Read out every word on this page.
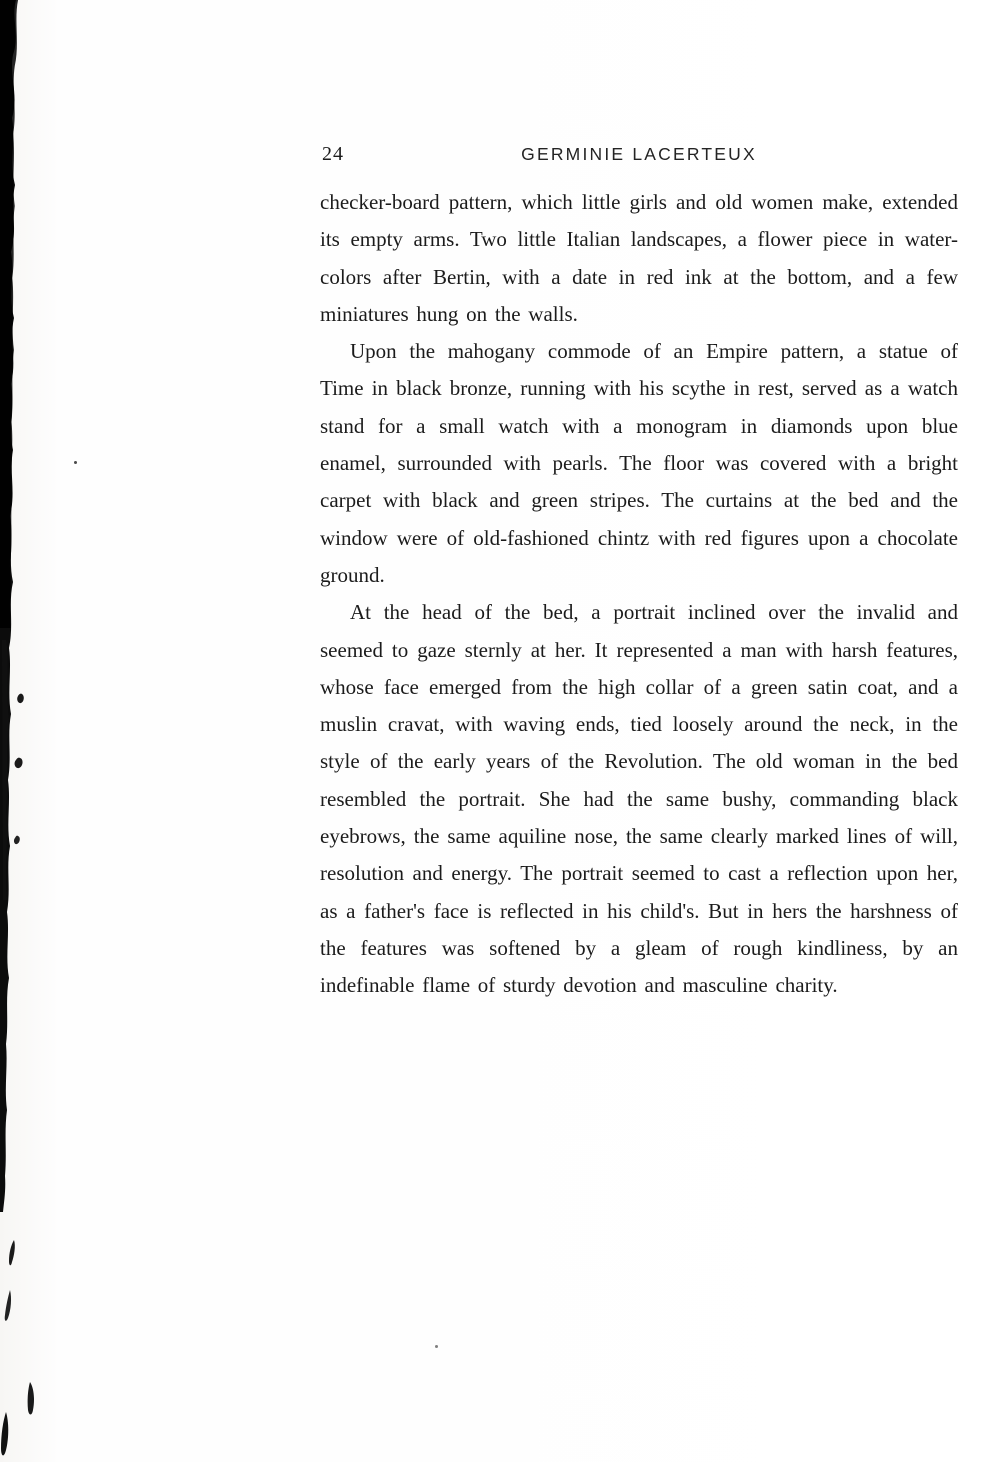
24	GERMINIE LACERTEUX

checker-board pattern, which little girls and old women make, extended its empty arms. Two little Italian landscapes, a flower piece in water-colors after Bertin, with a date in red ink at the bottom, and a few miniatures hung on the walls.

Upon the mahogany commode of an Empire pattern, a statue of Time in black bronze, running with his scythe in rest, served as a watch stand for a small watch with a monogram in diamonds upon blue enamel, surrounded with pearls. The floor was covered with a bright carpet with black and green stripes. The curtains at the bed and the window were of old-fashioned chintz with red figures upon a chocolate ground.

At the head of the bed, a portrait inclined over the invalid and seemed to gaze sternly at her. It represented a man with harsh features, whose face emerged from the high collar of a green satin coat, and a muslin cravat, with waving ends, tied loosely around the neck, in the style of the early years of the Revolution. The old woman in the bed resembled the portrait. She had the same bushy, commanding black eyebrows, the same aquiline nose, the same clearly marked lines of will, resolution and energy. The portrait seemed to cast a reflection upon her, as a father's face is reflected in his child's. But in hers the harshness of the features was softened by a gleam of rough kindliness, by an indefinable flame of sturdy devotion and masculine charity.
